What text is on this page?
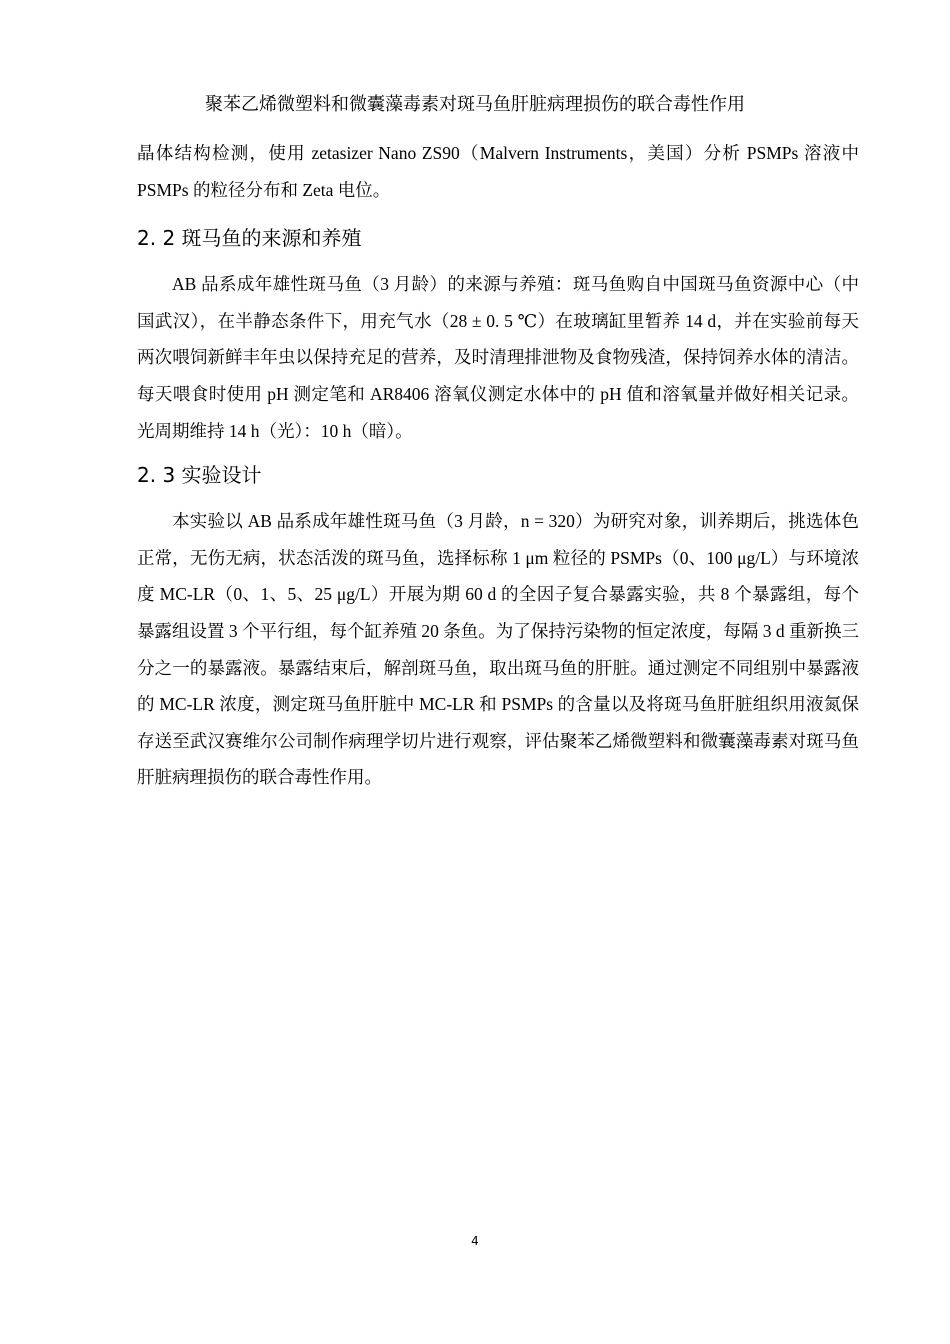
聚苯乙烯微塑料和微囊藻毒素对斑马鱼肝脏病理损伤的联合毒性作用

晶体结构检测，使用 zetasizer Nano ZS90（Malvern Instruments，美国）分析 PSMPs 溶液中 PSMPs 的粒径分布和 Zeta 电位。

2. 2 斑马鱼的来源和养殖

AB 品系成年雄性斑马鱼（3 月龄）的来源与养殖：斑马鱼购自中国斑马鱼资源中心（中国武汉），在半静态条件下，用充气水（28 ± 0. 5 ℃）在玻璃缸里暂养 14 d，并在实验前每天两次喂饲新鲜丰年虫以保持充足的营养，及时清理排泄物及食物残渣，保持饲养水体的清洁。每天喂食时使用 pH 测定笔和 AR8406 溶氧仪测定水体中的 pH 值和溶氧量并做好相关记录。光周期维持 14 h（光）：10 h（暗）。

2. 3 实验设计

本实验以 AB 品系成年雄性斑马鱼（3 月龄，n = 320）为研究对象，训养期后，挑选体色正常，无伤无病，状态活泼的斑马鱼，选择标称 1 μm 粒径的 PSMPs（0、100 μg/L）与环境浓度 MC-LR（0、1、5、25 μg/L）开展为期 60 d 的全因子复合暴露实验，共 8 个暴露组，每个暴露组设置 3 个平行组，每个缸养殖 20 条鱼。为了保持污染物的恒定浓度，每隔 3 d 重新换三分之一的暴露液。暴露结束后，解剖斑马鱼，取出斑马鱼的肝脏。通过测定不同组别中暴露液的 MC-LR 浓度，测定斑马鱼肝脏中 MC-LR 和 PSMPs 的含量以及将斑马鱼肝脏组织用液氮保存送至武汉赛维尔公司制作病理学切片进行观察，评估聚苯乙烯微塑料和微囊藻毒素对斑马鱼肝脏病理损伤的联合毒性作用。

4
